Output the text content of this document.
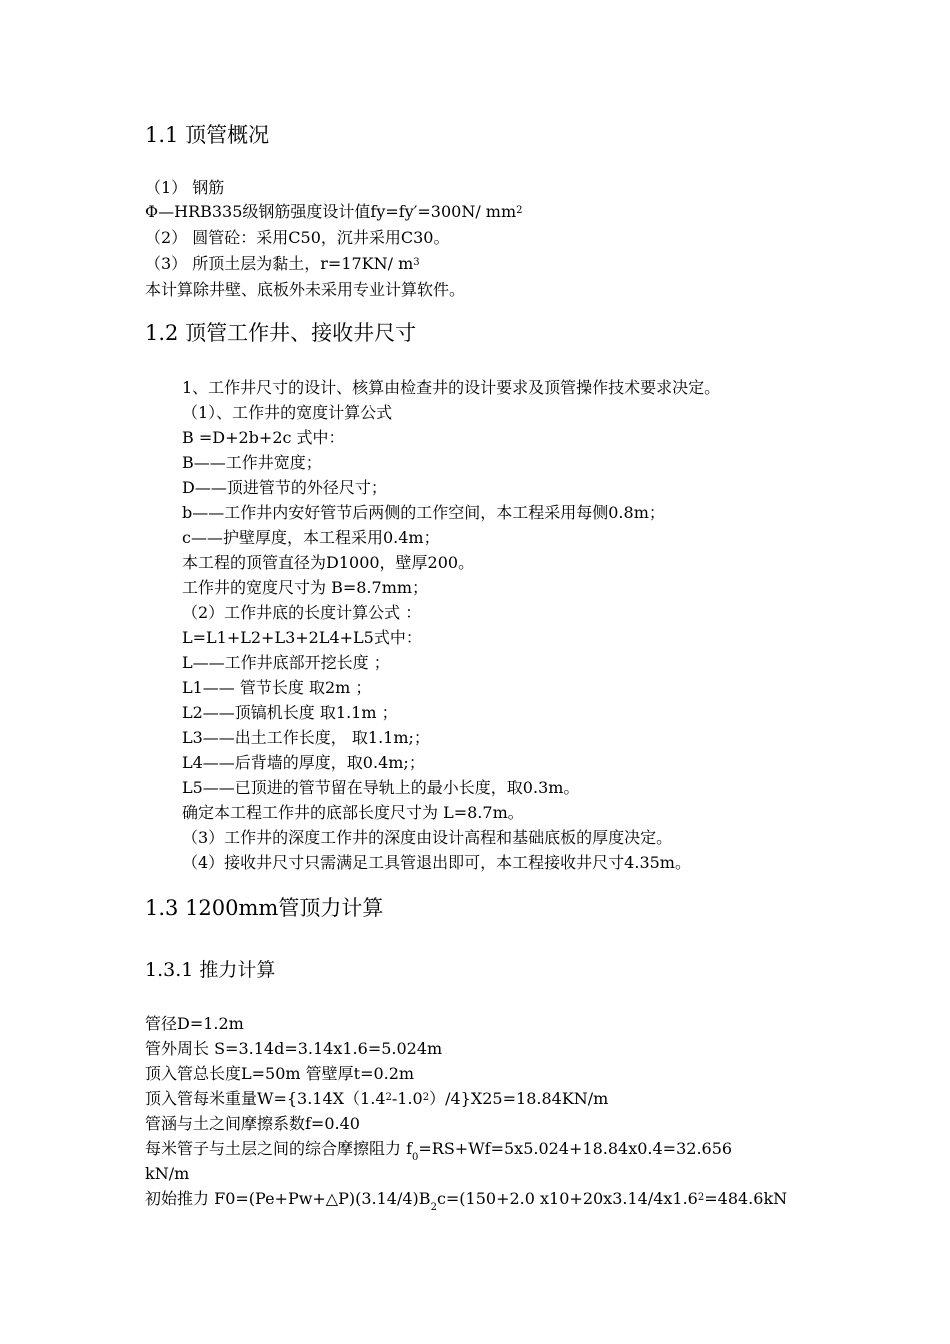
1.1 顶管概况
（1） 钢筋
Φ—HRB335级钢筋强度设计值fy=fy′=300N/ $mm^2$
（2） 圆管砼：采用C50，沉井采用C30。
（3） 所顶土层为黏土，r=17KN/ $m^3$
本计算除井壁、底板外未采用专业计算软件。
1.2 顶管工作井、接收井尺寸
1、工作井尺寸的设计、核算由检查井的设计要求及顶管操作技术要求决定。
（1）、工作井的宽度计算公式
B =D+2b+2c 式中：
B——工作井宽度；
D——顶进管节的外径尺寸；
b——工作井内安好管节后两侧的工作空间，本工程采用每侧0.8m；
c——护壁厚度，本工程采用0.4m；
本工程的顶管直径为D1000，壁厚200。
工作井的宽度尺寸为 B=8.7mm；
（2）工作井底的长度计算公式 ：
L=L1+L2+L3+2L4+L5式中：
L——工作井底部开挖长度 ；
L1—— 管节长度 取2m ；
L2——顶镐机长度 取1.1m ；
L3——出土工作长度， 取1.1m;；
L4——后背墙的厚度，取0.4m;；
L5——已顶进的管节留在导轨上的最小长度，取0.3m。
确定本工程工作井的底部长度尺寸为 L=8.7m。
（3）工作井的深度工作井的深度由设计高程和基础底板的厚度决定。
（4）接收井尺寸只需满足工具管退出即可，本工程接收井尺寸4.35m。
1.3 1200mm管顶力计算
1.3.1 推力计算
管径D=1.2m
管外周长 S=3.14d=3.14x1.6=5.024m
顶入管总长度L=50m 管壁厚t=0.2m
顶入管每米重量$W=\{3.14X(1.4^2-1.0^2)/4\}X25=18.84KN/m$
管涵与土之间摩擦系数f=0.40
每米管子与土层之间的综合摩擦阻力 $f_0=RS+Wf=5x5.024+18.84x0.4=32.656$
kN/m
初始推力 $F0=(Pe+Pw+\triangle P)(3.14/4)B_2c=(150+2.0$ $x10+20x3.14/4x1.6^2=484.6kN$
